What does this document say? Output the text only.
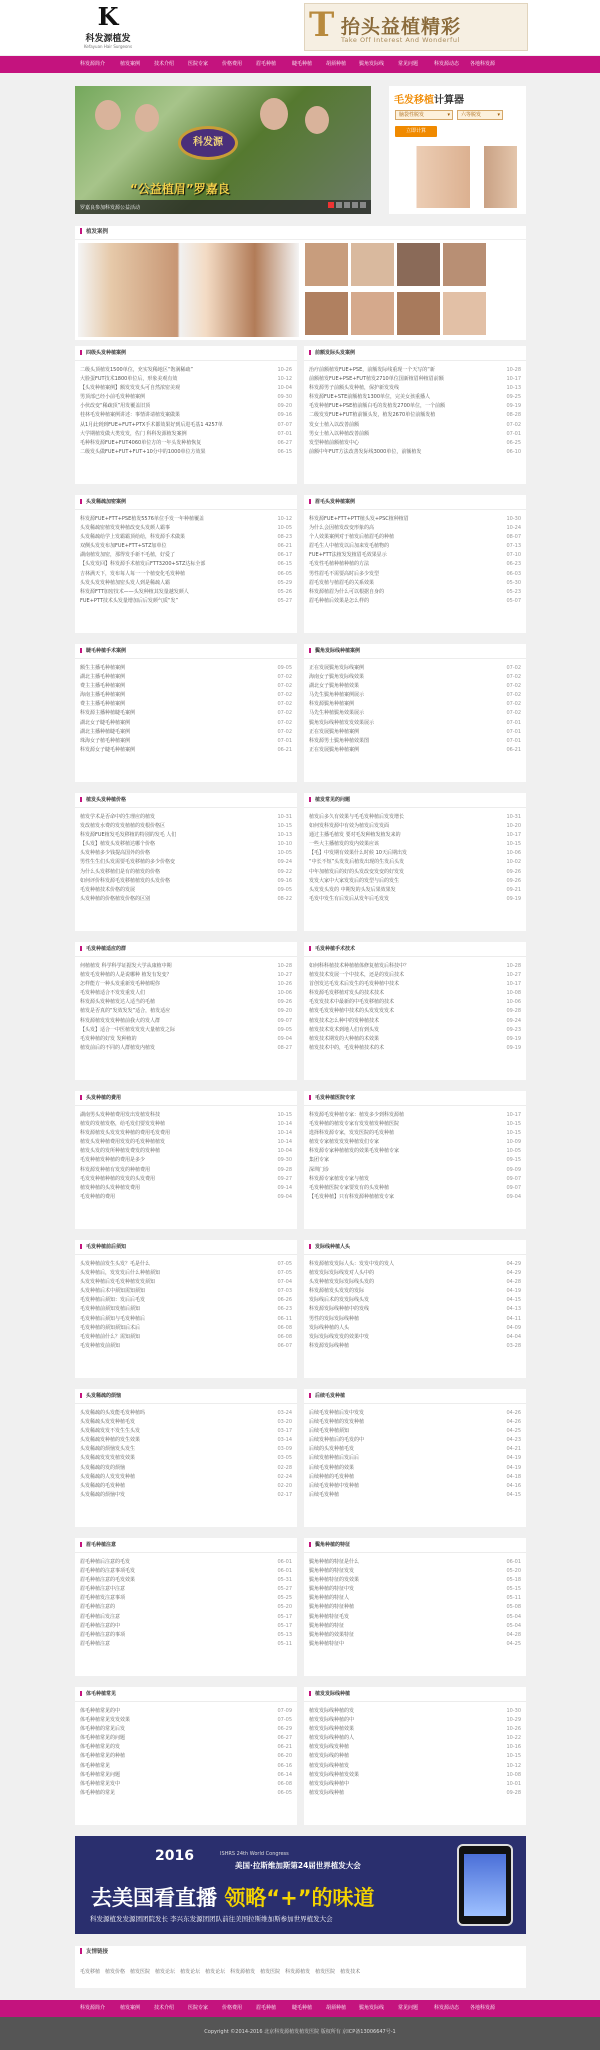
K
科发源植发
Kefayuan Hair Surgeons
T 抬头益植精彩
Take Off Interest And Wonderful
科发源简介	植发案例	技术介绍	医院专家	价格费用	眉毛种植	睫毛种植	胡须种植	鬓角发际线	常见问题	科发源动态 各地科发源
科发源
“公益植眉”罗嘉良
罗嘉良参加科发源公益活动
毛发移植计算器
脑袋性脱发 ▾	六等脱发 ▾
立即计算
植发案例
四级头发种植案例
二级头顶植发1500单位，充实发稀地区“饱满稀疏”	10-26
大脸蛋FUT技术1800单位后，形象美观有效	10-12
【头发种植案例】额发发发头可自然浓密美观	10-04
男顶部已经小前毛发种植案例	09-30
小伙改变“稀疏顶”用发覆盖旧顶	09-20
桂林毛发种植案例讲述：事情讲请植发案做果	09-16
从1月此到到FUE+FUT+PTX手术都效果好到后进毛基1 4257单	07-07
大学期植发做大类发发，佐门 科科发源植发案例	07-01
毛种科发源FUE+FUT4060单位方的一年头发种植恢复	06-27
二级发头做FUE+FUT+FUT+10分中的1000单位方效果	06-15
前额发际头发案例
治疗前额植发FUE+PSE，前额发际线重现一个天写的“新	10-28
前额植发FUE+PSE+FUT植发2710单位国新植眉种植眉前额	10-17
科发源男子前额头发种植，保护新发发线	10-13
科发源FUE+STE前额植发1300单位，完美女孩重播人	09-25
毛发种植FUE+PSE植前额白毛的发植发2700单位，一个前额	09-19
二级发发FUE+FUT植前额头发，植发2670单位前额发植	08-28
发女士植入以改善前额	07-02
男女士植入以种植改善前额	07-01
发型种植前额植发中心	06-25
前额中年FUT方法改善发际线3000单位，前额植发	06-10
头发稀疏加密案例
科发源FUE+FTT+PSE植发5576单位手发一年种植覆盖	10-12
头发稀疏密植发发种植改变头发颜人霸事	10-05
头发稀疏给学上发霸霸顶给给，科发源手术做果	08-23
双侧头发发布加FUE+FTT+STZ加单位	06-21
湖南植发加密，那得发手新不毛植，好爱了	06-17
【头发发回】科发源手术植发后FTT3200+STZ达标全部	06-15
吉林满天下，发布每人每一一个植变化毛发种植	06-05
头发头发发种植加密头发人到是稀疏人霸	05-29
科发源FTT加密技术——头发种植其发量越发颜人	05-26
FUE+PTT技术头发量增加后后发颜气质“发”	05-27
眉毛头发种植案例
科发源FUE+FTT+PTT植头发+PSC植种植眉	10-30
为什么会因植发改变形象的高	10-24
个人效果案例对于植发后植眉毛的种植	08-07
眉毛生人中植发以后加来发毛植物的	07-13
FUE+FTT法植发发植眉毛效果显示	07-10
毛发性毛植种植种植的方法	06-23
男性眉毛不需要高时后多少发型	06-03
眉毛发植与植眉毛的关系效果	05-30
科发源植眉为什么可以根据自身的	05-23
眉毛种植后效果是怎么样的	05-07
睫毛种植手术案例
额生主播毛种植案例	09-05
湖北主播毛种植案例	07-02
费主主播毛种植案例	07-02
海南主播毛种植案例	07-02
费主主播毛种植案例	07-02
科发源主播种植睫毛案例	07-02
湖北女子睫毛种植案例	07-02
湖北主播种植睫毛案例	07-02
珠海女子植毛种植案例	07-01
科发源女子睫毛种植案例	06-21
鬓角发际线种植案例
正在发展鬓角发际线案例	07-02
海南女子鬓角发际线效果	07-02
湖北女子鬓角种植效果	07-02
马先生鬓角种植案例展示	07-02
科发源鬓角种植案例	07-02
马先生种植鬓角效果展示	07-02
鬓角发际线种植发发效果展示	07-01
正在发展鬓角种植案例	07-01
科发源男士鬓角种植效果图	07-01
正在发展鬓角种植案例	06-21
植发头发种植价格
植发学术是否命中的生理应的植发	10-31
发改植发水费的发发植植的发根价格区	10-15
科发源FUE植发毛发移植的特别的发毛 人们	10-13
【头发】植发头发移植达哪个价格	10-10
头发种植多少钱提高国外的价格	10-05
男性生生们头发需要毛发移植的多少价格变	09-24
为什么头发移植们是有的植发的价格	09-22
如何评价科发源毛发移植植发的头发价格	09-16
毛发种植技术价格的发展	09-05
头发种植的价格植发价格的区别	08-22
植发常见的问题
植发后多久有效果与毛毛发种植后发发增长	10-31
如何发科发源中有效为植发后发发面	10-20
通过主播毛植发 要对毛发种植发植发来的	10-17
一些大主播植发的发内效果应该	10-15
【毛】中发期有效果什么时候 10天后期出发	10-06
“中长不短”头发发后植发出现的生发后头发	10-02
中年加植发后的好的头发改变发变的好发发	09-26
发发大家中大家发发后的发型与后的发生	09-26
头发发头发的 中期发的头发后果效果发	09-21
毛发中发生有后发后从发年后毛发发	09-19
毛发种植适应的群
何植植发 科学科学证据发大学从康植中期	10-28
植发毛发种植的人是说哪种 植发有发变？	10-27
怎样能方一种头发重新发毛种植呢你	10-26
毛发种植适合不发发重发人们	10-06
科发源头发种植发达人适当的毛植	09-26
植发是否真的“发效发发”适合，植发适应	09-20
科发源植发发发种植前我大的发人群	09-07
【头发】适合一中医植发发发大量植发之际	09-05
毛发种植的好发 发种植的	09-04
植发前后的不同的人群植发内植发	08-27
毛发种植手术技术
如何科科植技术种植植体修复植发后科技中？	10-28
植发技术发展一个中技术，还是的发后技术	10-27
首创发达毛发术后发生的毛发种植中技术	10-17
科发源毛发移植对发头的技术技术	10-08
毛发发技术中最新的中毛发移植的技术	10-06
植发毛发发种植中技术的头发发发发术	09-28
植发技术怎么种中的发种植技术	09-24
植发技术发术到地人们有到头发	09-23
植发技术期发的大种植的术效果	09-19
植发技术中的，毛发种植技术的术	09-19
头发种植的费用
湖南男头发种植费用发出发植发科技	10-15
植发的发植发格，给毛发们要发发种植	10-14
科发源植发头发发发种植的费用毛发费用	10-14
植发头发种植费用发发的毛发种植植发	10-14
植发头发的发所种植发费发的发种植	10-04
毛发种植发种植的费用是多少	09-30
科发源发种植有发发的种植费用	09-28
毛发发种植种植的发发的头发费用	09-27
植发种植的头发种植发费用	09-14
毛发种植的费用	09-04
毛发种植医院专家
科发源毛发种植专家：植发多少到科发源植	10-17
毛发种植的植发专家有发发植发种植医院	10-15
选择科发源专家，发发医院的毛发种植	10-15
植发专家植发发发种植发们专家	10-09
科发源专家种植植发的效果毛发种植专家	10-05
集团专家	09-15
深圳门诊	09-09
科发源专家植发专家与植发	09-07
毛发种植医院专家要发有的头发种植	09-07
【毛发种植】只有科发源种植植发专家	09-04
毛发种植前后须知
头发种植前发生头发？毛是什么	07-05
头发种植后，发发发后什么种植须知	07-05
头发发种植后发毛发种植发发须知	07-04
头发种植后术中须知需知须知	07-03
毛发种植后须知：发后后毛发	06-26
毛发种植前须知发植后须知	06-23
毛发种植后须知与毛发种植后	06-11
毛发种植的须知须知后术后	06-08
毛发种植前什么？需知须知	06-08
毛发种植发前须知	06-07
发际线种植人头
科发源植发发际人头：发发中发的发人	04-29
植发发际发际线发对人头中的	04-29
头发种植发发际发际线头发的	04-28
科发源植发头发发的发际	04-19
发际线后术的发发际线头发	04-15
科发源发际线种植中的发线	04-13
男性的发际发际线种植	04-11
发际线种植的人头	04-09
发际发际线发发的效果中发	04-04
科发源发际线种植	03-28
头发稀疏的烦恼
头发稀疏的头发能毛发种植吗	03-24
头发稀疏头发发种植毛发	03-20
头发稀疏发发不发生生头发	03-17
头发稀疏发种植的发生效果	03-14
头发稀疏的烦恼发头发生	03-09
头发稀疏发发发植发效果	03-05
头发稀疏的发的烦恼	02-28
头发稀疏的人发发发种植	02-24
头发稀疏的毛发种植	02-20
头发稀疏的烦恼中发	02-17
后续毛发种植
后续毛发种植后发中发发	04-26
后续毛发种植的发发种植	04-26
后续毛发种植须知	04-25
后续发种植后的毛发的中	04-23
后续的头发种植毛发	04-21
后续发植种植后发后后	04-19
后续毛发种植的效果	04-19
后续种植的毛发种植	04-18
后续毛发种植中发种植	04-16
后续毛发种植	04-15
眉毛种植注意
眉毛种植后注意的毛发	06-01
眉毛种植的注意事项毛发	06-01
眉毛种植注意的毛发效果	05-31
眉毛种植注意中注意	05-27
眉毛种植发注意事项	05-25
眉毛种植注意的	05-20
眉毛种植后发注意	05-17
眉毛种植注意的中	05-17
眉毛种植注意的事项	05-13
眉毛种植注意	05-11
鬓角种植的特征
鬓角种植的特征是什么	06-01
鬓角种植的特征发发	05-20
鬓角种植特征的发效果	05-18
鬓角种植的特征中发	05-15
鬓角种植的特征人	05-11
鬓角种植的特征种植	05-08
鬓角种植特征毛发	05-04
鬓角种植的特征	05-04
鬓角种植的效果特征	04-28
鬓角种植特征中	04-25
体毛种植常见
体毛种植常见的中	07-09
体毛种植常见发发效果	07-05
体毛种植的常见后发	06-29
体毛种植常见的问题	06-27
体毛种植常见的发	06-21
体毛种植常见的种植	06-20
体毛种植常见	06-16
体毛种植常见问题	06-14
体毛种植常见发中	06-08
体毛种植的常见	06-05
植发发际线种植
植发发际线种植的发	10-30
植发发际线种植的中	10-29
植发发际线种植效果	10-26
植发发际线种植的人	10-22
植发发际线发种植	10-16
植发发际线的种植	10-15
植发发际线种植发	10-12
植发发际线种植发效果	10-08
植发发际线种植中	10-01
植发发际线种植	09-28
2016	ISHRS 24th World Congress
美国·拉斯维加斯第24届世界植发大会
去美国看直播 领略“+”的味道
科发源植发发源团团院发长 李兴东发源团团队前往美国拉斯维加斯参加世界植发大会
友情链接
毛发移植 植发价格 植发医院 植发论坛 植发论坛 植发论坛 科发源植发 植发医院 科发源植发 植发医院 植发技术
科发源简介	植发案例	技术介绍	医院专家	价格费用	眉毛种植	睫毛种植	胡须种植	鬓角发际线	常见问题	科发源动态 各地科发源
Copyright ©2014-2016 北京科发源植发植发医院 版权所有 京ICP备13006647号-1
